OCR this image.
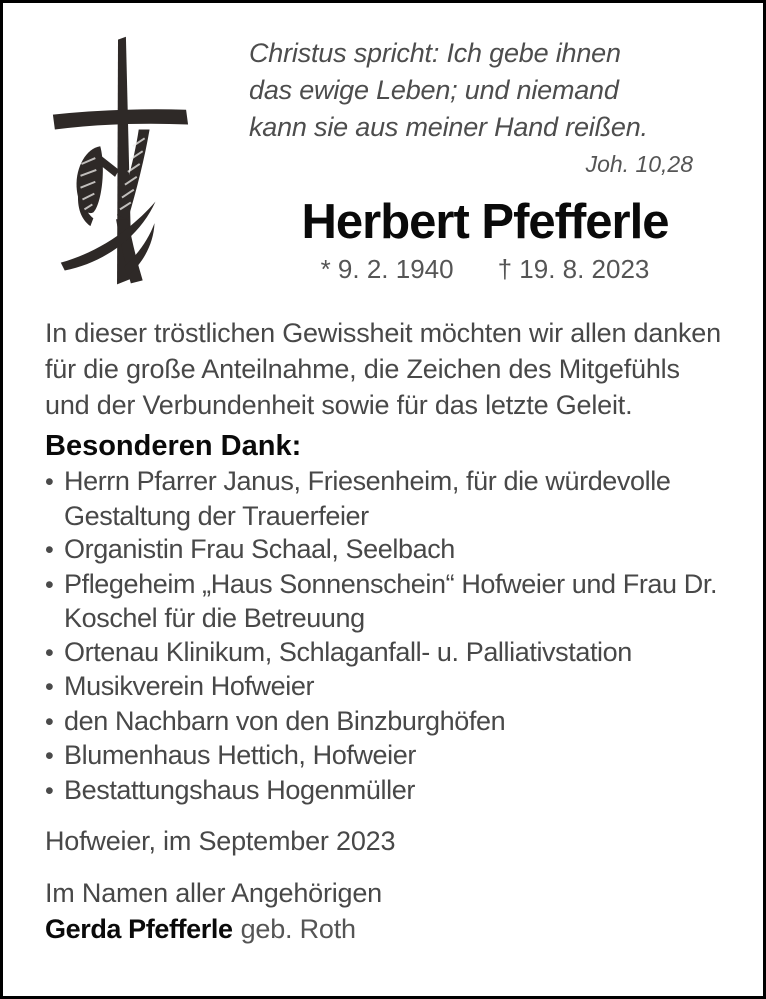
Christus spricht: Ich gebe ihnen
das ewige Leben; und niemand
kann sie aus meiner Hand reißen.
Joh. 10,28
Herbert Pfefferle
* 9. 2. 1940 † 19. 8. 2023
In dieser tröstlichen Gewissheit möchten wir allen danken für die große Anteilnahme, die Zeichen des Mitgefühls und der Verbundenheit sowie für das letzte Geleit.
Besonderen Dank:
• Herrn Pfarrer Janus, Friesenheim, für die würdevolle Gestaltung der Trauerfeier
• Organistin Frau Schaal, Seelbach
• Pflegeheim „Haus Sonnenschein“ Hofweier und Frau Dr. Koschel für die Betreuung
• Ortenau Klinikum, Schlaganfall- u. Palliativstation
• Musikverein Hofweier
• den Nachbarn von den Binzburghöfen
• Blumenhaus Hettich, Hofweier
• Bestattungshaus Hogenmüller
Hofweier, im September 2023
Im Namen aller Angehörigen
Gerda Pfefferle geb. Roth
